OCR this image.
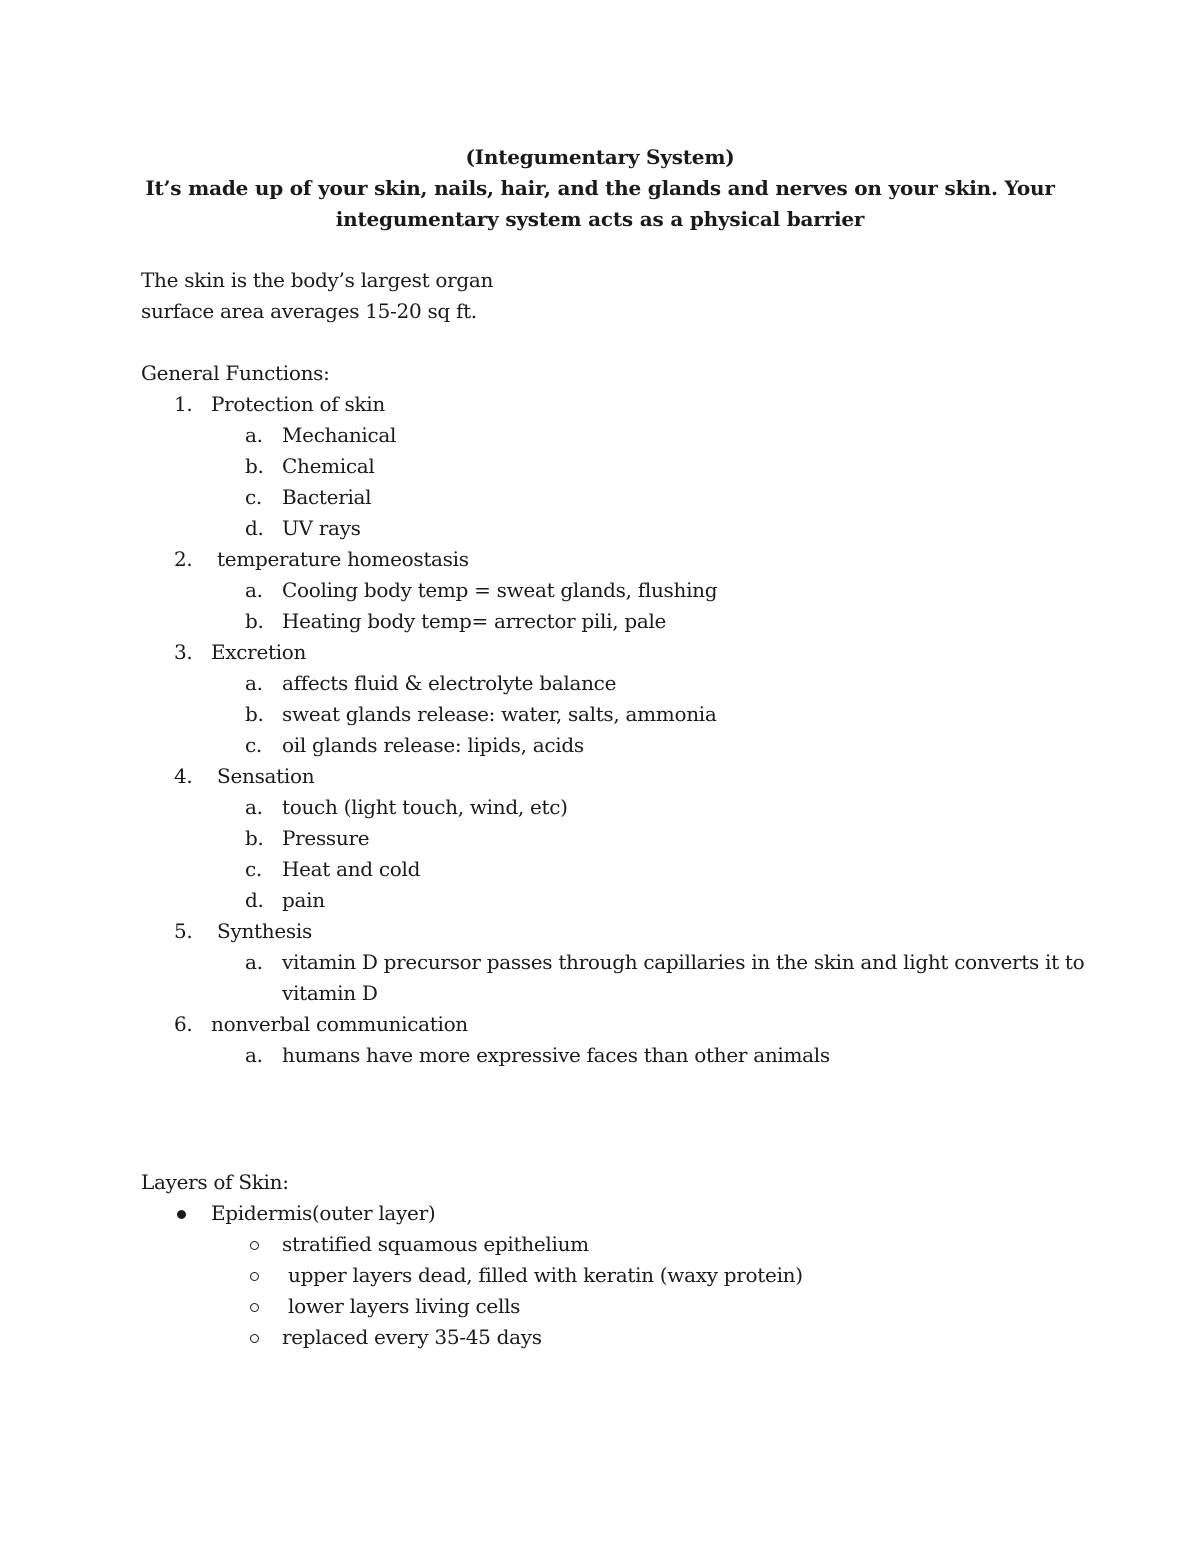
(Integumentary System)
It’s made up of your skin, nails, hair, and the glands and nerves on your skin. Your
integumentary system acts as a physical barrier
The skin is the body’s largest organ
surface area averages 15-20 sq ft.
General Functions:
1. Protection of skin
a. Mechanical
b. Chemical
c. Bacterial
d. UV rays
2. temperature homeostasis
a. Cooling body temp = sweat glands, flushing
b. Heating body temp= arrector pili, pale
3. Excretion
a. affects fluid & electrolyte balance
b. sweat glands release: water, salts, ammonia
c. oil glands release: lipids, acids
4. Sensation
a. touch (light touch, wind, etc)
b. Pressure
c. Heat and cold
d. pain
5. Synthesis
a. vitamin D precursor passes through capillaries in the skin and light converts it to
vitamin D
6. nonverbal communication
a. humans have more expressive faces than other animals
Layers of Skin:
Epidermis(outer layer)
stratified squamous epithelium
upper layers dead, filled with keratin (waxy protein)
lower layers living cells
replaced every 35-45 days
